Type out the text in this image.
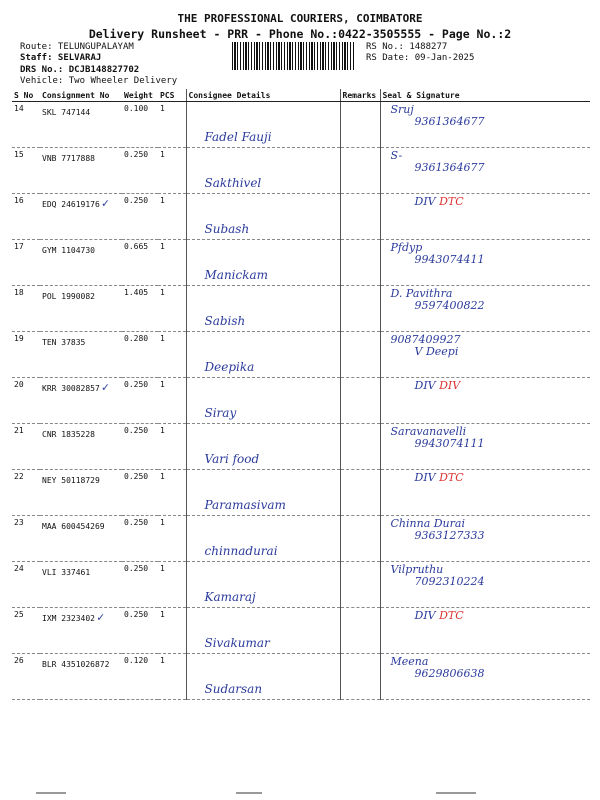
THE PROFESSIONAL COURIERS, COIMBATORE
Delivery Runsheet - PRR - Phone No.:0422-3505555 - Page No.:2
Route: TELUNGUPALAYAM
Staff: SELVARAJ
DRS No.: DCJB148827702
Vehicle: Two Wheeler Delivery
RS No.: 1488277
RS Date: 09-Jan-2025
S No	Consignment No	Weight	PCS	Consignee Details	Remarks	Seal & Signature
14	SKL 747144	0.100	1	Fadel Fauji		Sruj
9361364677

15	VNB 7717888	0.250	1	Sakthivel		S-
9361364677

16	EDQ 24619176 ✓	0.250	1	Subash		DIV DTC

17	GYM 1104730	0.665	1	Manickam		Pfdyp
9943074411

18	POL 1990082	1.405	1	Sabish		D. Pavithra
9597400822

19	TEN 37835	0.280	1	Deepika		9087409927
V Deepi

20	KRR 30082857 ✓	0.250	1	Siray		DIV DIV

21	CNR 1835228	0.250	1	Vari food		Saravanavelli
9943074111

22	NEY 50118729	0.250	1	Paramasivam		DIV DTC

23	MAA 600454269	0.250	1	chinnadurai		Chinna Durai
9363127333

24	VLI 337461	0.250	1	Kamaraj		Vilpruthu
7092310224

25	IXM 2323402 ✓	0.250	1	Sivakumar		DIV DTC

26	BLR 4351026872	0.120	1	Sudarsan		Meena
9629806638
